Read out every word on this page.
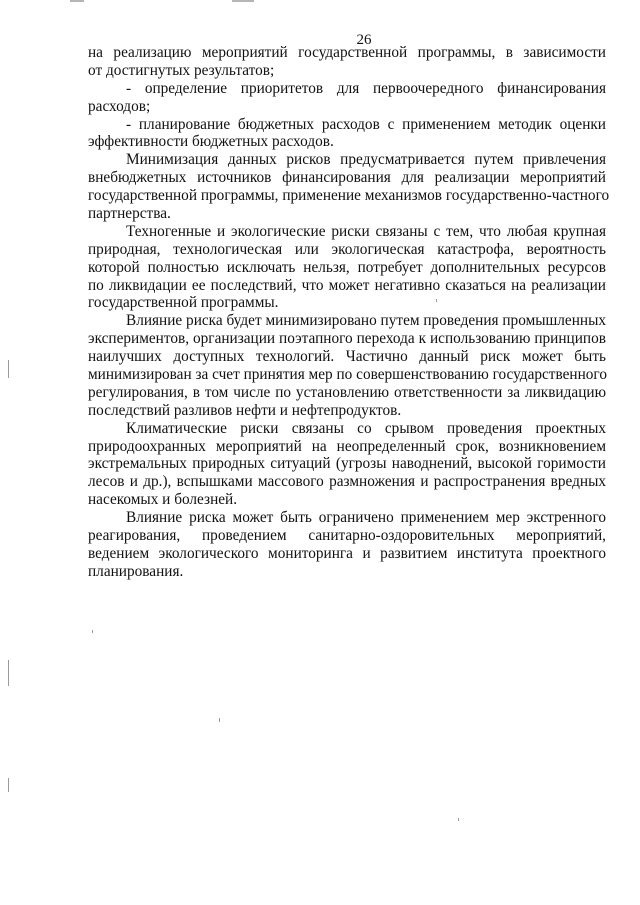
26
на реализацию мероприятий государственной программы, в зависимости
от достигнутых результатов;
- определение приоритетов для первоочередного финансирования
расходов;
- планирование бюджетных расходов с применением методик оценки
эффективности бюджетных расходов.
Минимизация данных рисков предусматривается путем привлечения
внебюджетных источников финансирования для реализации мероприятий
государственной программы, применение механизмов государственно-частного
партнерства.
Техногенные и экологические риски связаны с тем, что любая крупная
природная, технологическая или экологическая катастрофа, вероятность
которой полностью исключать нельзя, потребует дополнительных ресурсов
по ликвидации ее последствий, что может негативно сказаться на реализации
государственной программы.
Влияние риска будет минимизировано путем проведения промышленных
экспериментов, организации поэтапного перехода к использованию принципов
наилучших доступных технологий. Частично данный риск может быть
минимизирован за счет принятия мер по совершенствованию государственного
регулирования, в том числе по установлению ответственности за ликвидацию
последствий разливов нефти и нефтепродуктов.
Климатические риски связаны со срывом проведения проектных
природоохранных мероприятий на неопределенный срок, возникновением
экстремальных природных ситуаций (угрозы наводнений, высокой горимости
лесов и др.), вспышками массового размножения и распространения вредных
насекомых и болезней.
Влияние риска может быть ограничено применением мер экстренного
реагирования, проведением санитарно-оздоровительных мероприятий,
ведением экологического мониторинга и развитием института проектного
планирования.
